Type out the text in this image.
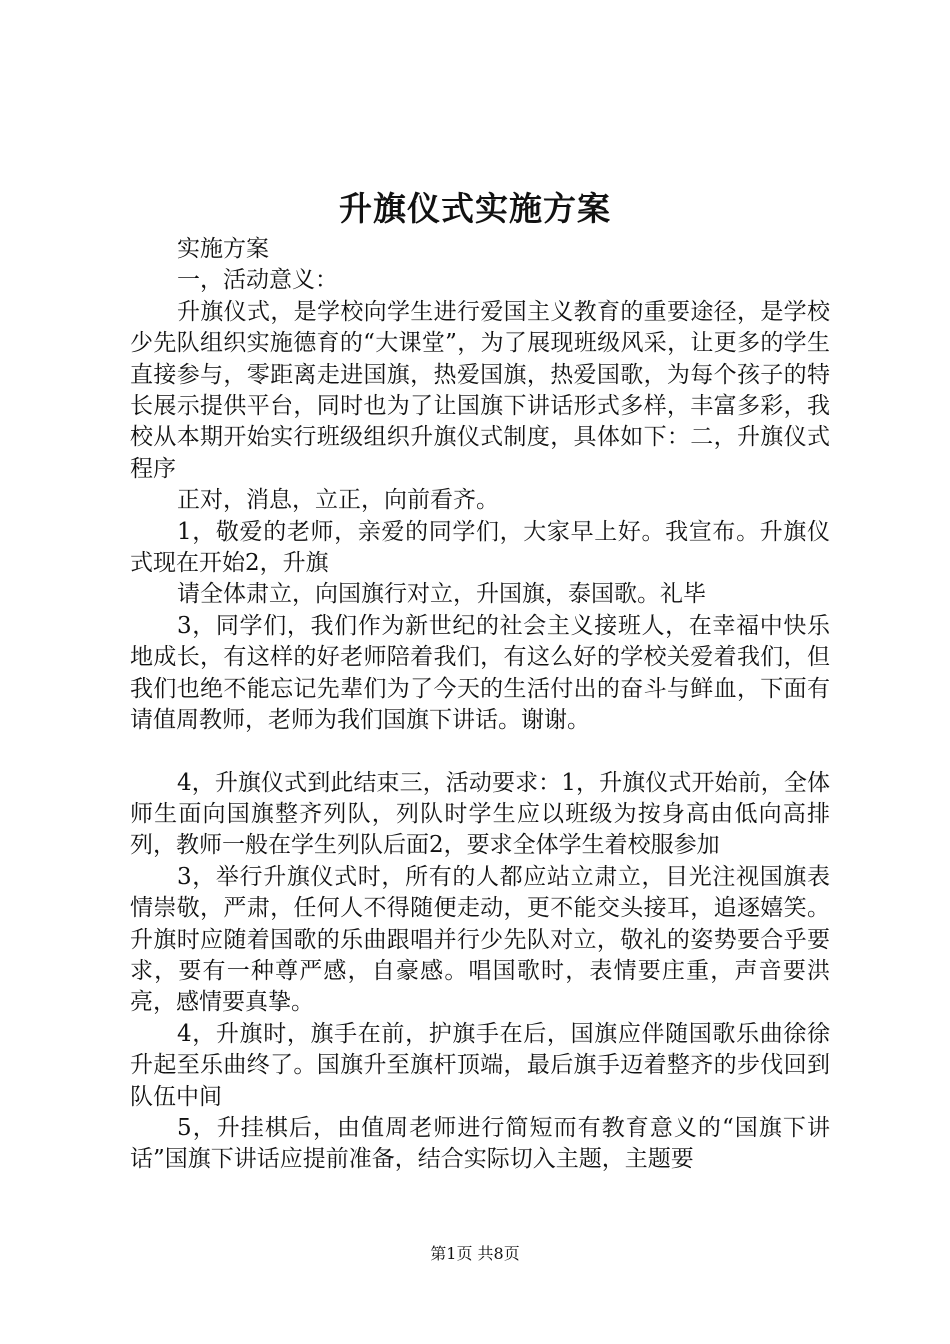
升旗仪式实施方案

实施方案

一，活动意义：

升旗仪式，是学校向学生进行爱国主义教育的重要途径，是学校少先队组织实施德育的“大课堂”，为了展现班级风采，让更多的学生直接参与，零距离走进国旗，热爱国旗，热爱国歌，为每个孩子的特长展示提供平台，同时也为了让国旗下讲话形式多样，丰富多彩，我校从本期开始实行班级组织升旗仪式制度，具体如下：二，升旗仪式程序

正对，消息，立正，向前看齐。

1，敬爱的老师，亲爱的同学们，大家早上好。我宣布。升旗仪式现在开始2，升旗

请全体肃立，向国旗行对立，升国旗，泰国歌。礼毕

3，同学们，我们作为新世纪的社会主义接班人，在幸福中快乐地成长，有这样的好老师陪着我们，有这么好的学校关爱着我们，但我们也绝不能忘记先辈们为了今天的生活付出的奋斗与鲜血，下面有请值周教师，老师为我们国旗下讲话。谢谢。

4，升旗仪式到此结束三，活动要求：1，升旗仪式开始前，全体师生面向国旗整齐列队，列队时学生应以班级为按身高由低向高排列，教师一般在学生列队后面2，要求全体学生着校服参加

3，举行升旗仪式时，所有的人都应站立肃立，目光注视国旗表情崇敬，严肃，任何人不得随便走动，更不能交头接耳，追逐嬉笑。升旗时应随着国歌的乐曲跟唱并行少先队对立，敬礼的姿势要合乎要求，要有一种尊严感，自豪感。唱国歌时，表情要庄重，声音要洪亮，感情要真挚。

4，升旗时，旗手在前，护旗手在后，国旗应伴随国歌乐曲徐徐升起至乐曲终了。国旗升至旗杆顶端，最后旗手迈着整齐的步伐回到队伍中间

5，升挂棋后，由值周老师进行简短而有教育意义的“国旗下讲话”国旗下讲话应提前准备，结合实际切入主题，主题要

第1页 共8页
